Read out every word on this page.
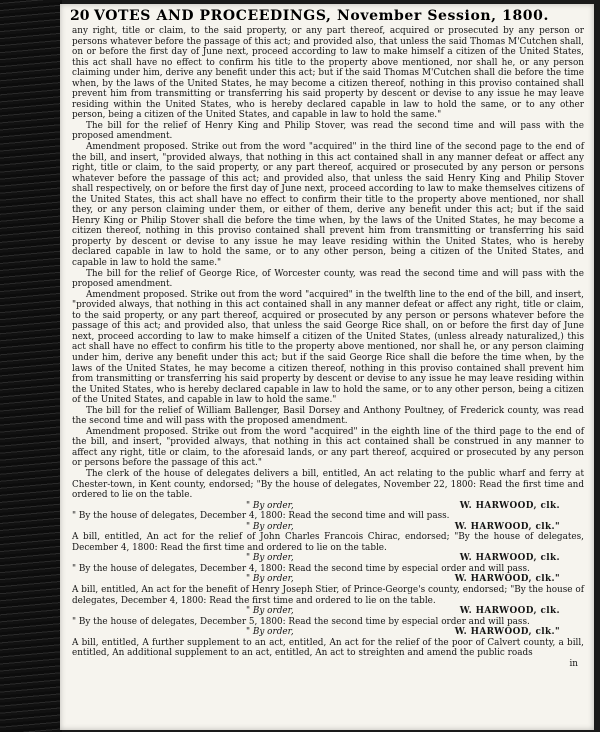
20 VOTES AND PROCEEDINGS, November Session, 1800.

any right, title or claim, to the said property, or any part thereof, acquired or prosecuted by any person or persons whatever before the passage of this act; and provided also, that unless the said Thomas M'Cutchen shall, on or before the first day of June next, proceed according to law to make himself a citizen of the United States, this act shall have no effect to confirm his title to the property above mentioned, nor shall he, or any person claiming under him, derive any benefit under this act; but if the said Thomas M'Cutchen shall die before the time when, by the laws of the United States, he may become a citizen thereof, nothing in this proviso contained shall prevent him from transmitting or transferring his said property by descent or devise to any issue he may leave residing within the United States, who is hereby declared capable in law to hold the same, or to any other person, being a citizen of the United States, and capable in law to hold the same."

The bill for the relief of Henry King and Philip Stover, was read the second time and will pass with the proposed amendment.

Amendment proposed. Strike out from the word "acquired" in the third line of the second page to the end of the bill, and insert, "provided always, that nothing in this act contained shall in any manner defeat or affect any right, title or claim, to the said property, or any part thereof, acquired or prosecuted by any person or persons whatever before the passage of this act; and provided also, that unless the said Henry King and Philip Stover shall respectively, on or before the first day of June next, proceed according to law to make themselves citizens of the United States, this act shall have no effect to confirm their title to the property above mentioned, nor shall they, or any person claiming under them, or either of them, derive any benefit under this act; but if the said Henry King or Philip Stover shall die before the time when, by the laws of the United States, he may become a citizen thereof, nothing in this proviso contained shall prevent him from transmitting or transferring his said property by descent or devise to any issue he may leave residing within the United States, who is hereby declared capable in law to hold the same, or to any other person, being a citizen of the United States, and capable in law to hold the same."

The bill for the relief of George Rice, of Worcester county, was read the second time and will pass with the proposed amendment.

Amendment proposed. Strike out from the word "acquired" in the twelfth line to the end of the bill, and insert, "provided always, that nothing in this act contained shall in any manner defeat or affect any right, title or claim, to the said property, or any part thereof, acquired or prosecuted by any person or persons whatever before the passage of this act; and provided also, that unless the said George Rice shall, on or before the first day of June next, proceed according to law to make himself a citizen of the United States, (unless already naturalized,) this act shall have no effect to confirm his title to the property above mentioned, nor shall he, or any person claiming under him, derive any benefit under this act; but if the said George Rice shall die before the time when, by the laws of the United States, he may become a citizen thereof, nothing in this proviso contained shall prevent him from transmitting or transferring his said property by descent or devise to any issue he may leave residing within the United States, who is hereby declared capable in law to hold the same, or to any other person, being a citizen of the United States, and capable in law to hold the same."

The bill for the relief of William Ballenger, Basil Dorsey and Anthony Poultney, of Frederick county, was read the second time and will pass with the proposed amendment.

Amendment proposed. Strike out from the word "acquired" in the eighth line of the third page to the end of the bill, and insert, "provided always, that nothing in this act contained shall be construed in any manner to affect any right, title or claim, to the aforesaid lands, or any part thereof, acquired or prosecuted by any person or persons before the passage of this act."

The clerk of the house of delegates delivers a bill, entitled, An act relating to the public wharf and ferry at Chester-town, in Kent county, endorsed; "By the house of delegates, November 22, 1800: Read the first time and ordered to lie on the table.

" By order,	W. HARWOOD, clk.

" By the house of delegates, December 4, 1800: Read the second time and will pass.

" By order,	W. HARWOOD, clk."

A bill, entitled, An act for the relief of John Charles Francois Chirac, endorsed; "By the house of delegates, December 4, 1800: Read the first time and ordered to lie on the table.

" By order,	W. HARWOOD, clk.

" By the house of delegates, December 4, 1800: Read the second time by especial order and will pass.

" By order,	W. HARWOOD, clk."

A bill, entitled, An act for the benefit of Henry Joseph Stier, of Prince-George's county, endorsed; "By the house of delegates, December 4, 1800: Read the first time and ordered to lie on the table.

" By order,	W. HARWOOD, clk.

" By the house of delegates, December 5, 1800: Read the second time by especial order and will pass.

" By order,	W. HARWOOD, clk."

A bill, entitled, A further supplement to an act, entitled, An act for the relief of the poor of Calvert county, a bill, entitled, An additional supplement to an act, entitled, An act to streighten and amend the public roads

in
